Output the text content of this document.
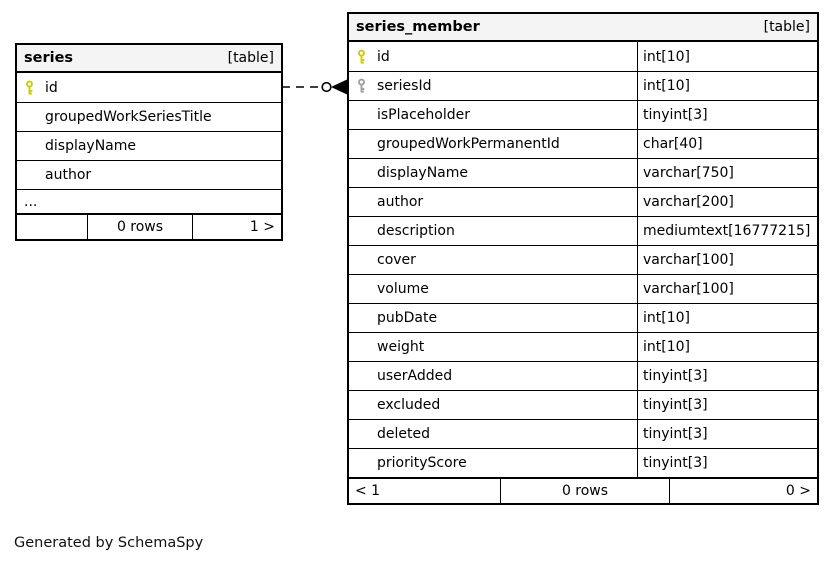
series	[table]
id
groupedWorkSeriesTitle
displayName
author
...
0 rows	1 >
series_member	[table]
id	int[10]
seriesId	int[10]
isPlaceholder	tinyint[3]
groupedWorkPermanentId	char[40]
displayName	varchar[750]
author	varchar[200]
description	mediumtext[16777215]
cover	varchar[100]
volume	varchar[100]
pubDate	int[10]
weight	int[10]
userAdded	tinyint[3]
excluded	tinyint[3]
deleted	tinyint[3]
priorityScore	tinyint[3]
< 1	0 rows	0 >
Generated by SchemaSpy
